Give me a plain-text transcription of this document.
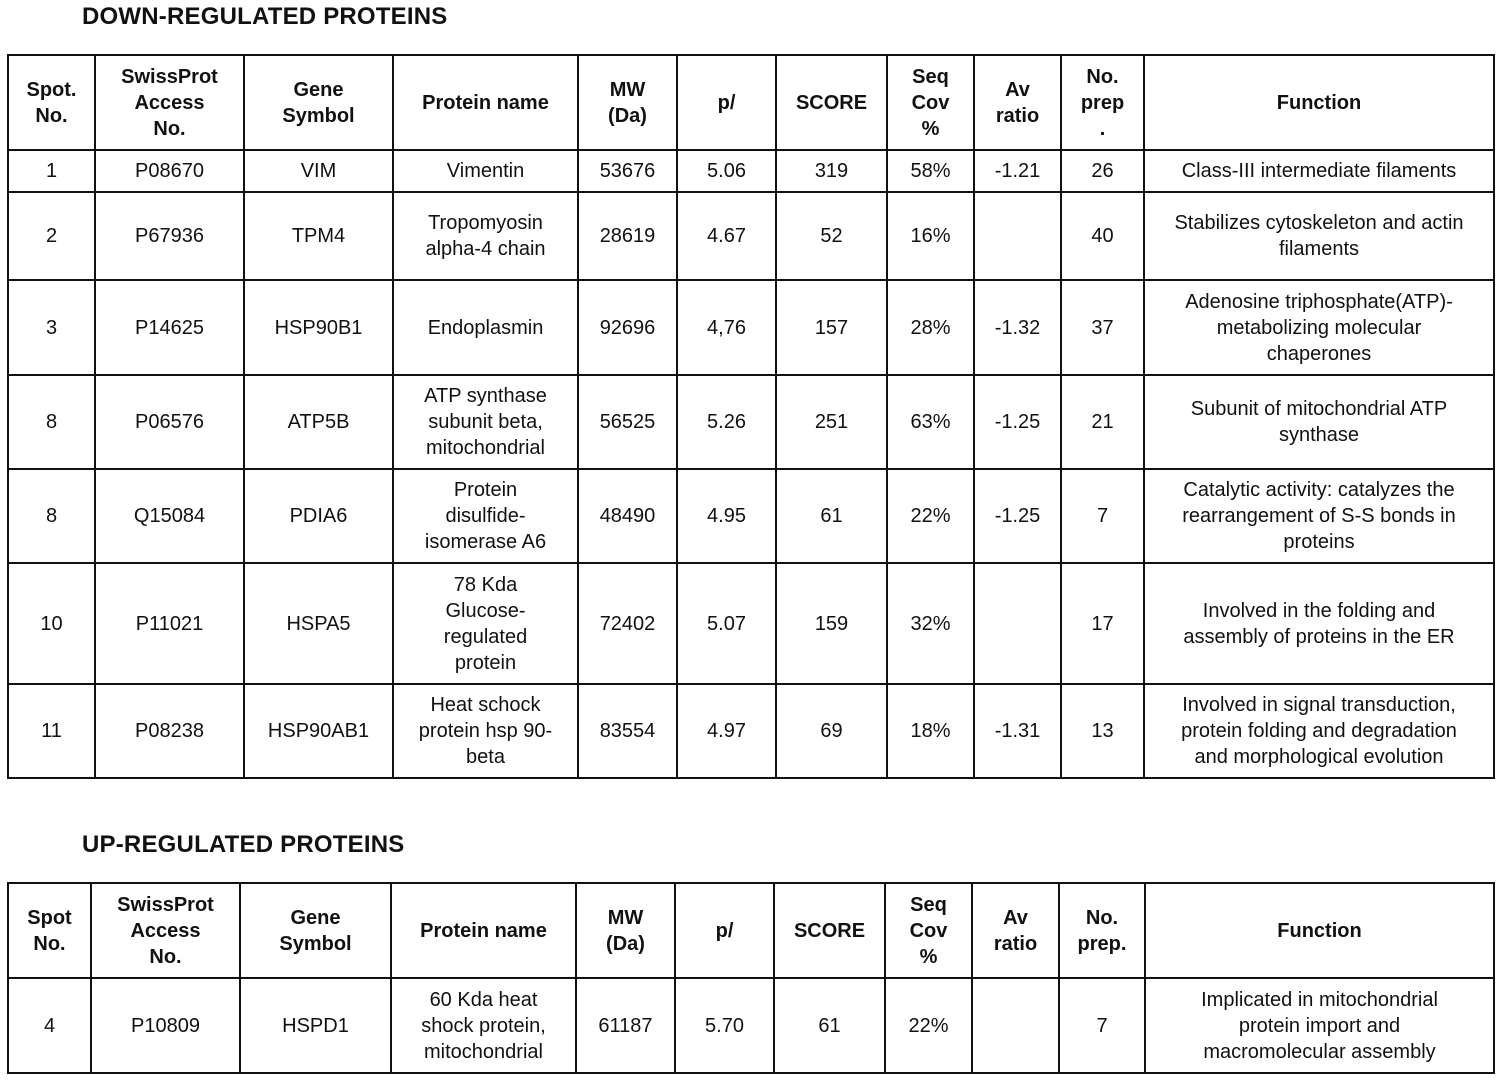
DOWN-REGULATED PROTEINS
Spot.
No.	SwissProt
Access
No.	Gene
Symbol	Protein name	MW
(Da)	p/	SCORE	Seq
Cov
%	Av
ratio	No.
prep
.	Function
1	P08670	VIM	Vimentin	53676	5.06	319	58%	-1.21	26	Class-III intermediate filaments
2	P67936	TPM4	Tropomyosin
alpha-4 chain	28619	4.67	52	16%		40	Stabilizes cytoskeleton and actin
filaments
3	P14625	HSP90B1	Endoplasmin	92696	4,76	157	28%	-1.32	37	Adenosine triphosphate(ATP)-
metabolizing molecular
chaperones
8	P06576	ATP5B	ATP synthase
subunit beta,
mitochondrial	56525	5.26	251	63%	-1.25	21	Subunit of mitochondrial ATP
synthase
8	Q15084	PDIA6	Protein
disulfide-
isomerase A6	48490	4.95	61	22%	-1.25	7	Catalytic activity: catalyzes the
rearrangement of S-S bonds in
proteins
10	P11021	HSPA5	78 Kda
Glucose-
regulated
protein	72402	5.07	159	32%		17	Involved in the folding and
assembly of proteins in the ER
11	P08238	HSP90AB1	Heat schock
protein hsp 90-
beta	83554	4.97	69	18%	-1.31	13	Involved in signal transduction,
protein folding and degradation
and morphological evolution
UP-REGULATED PROTEINS
Spot
No.	SwissProt
Access
No.	Gene
Symbol	Protein name	MW
(Da)	p/	SCORE	Seq
Cov
%	Av
ratio	No.
prep.	Function
4	P10809	HSPD1	60 Kda heat
shock protein,
mitochondrial	61187	5.70	61	22%		7	Implicated in mitochondrial
protein import and
macromolecular assembly
